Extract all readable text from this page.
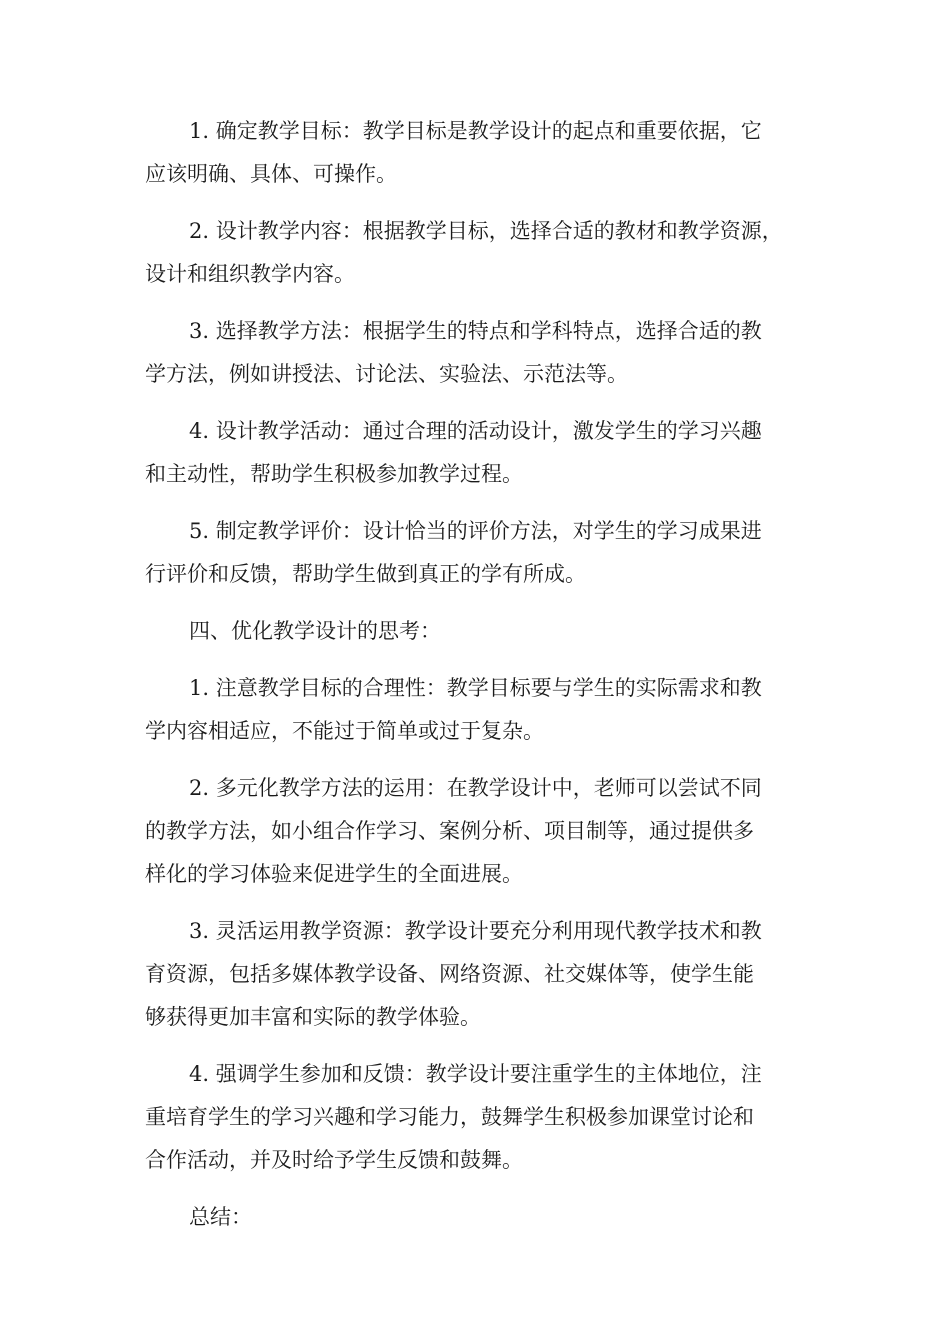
1. 确定教学目标：教学目标是教学设计的起点和重要依据，它
应该明确、具体、可操作。

2. 设计教学内容：根据教学目标，选择合适的教材和教学资源，
设计和组织教学内容。

3. 选择教学方法：根据学生的特点和学科特点，选择合适的教
学方法，例如讲授法、讨论法、实验法、示范法等。

4. 设计教学活动：通过合理的活动设计，激发学生的学习兴趣
和主动性，帮助学生积极参加教学过程。

5. 制定教学评价：设计恰当的评价方法，对学生的学习成果进
行评价和反馈，帮助学生做到真正的学有所成。

四、优化教学设计的思考：

1. 注意教学目标的合理性：教学目标要与学生的实际需求和教
学内容相适应，不能过于简单或过于复杂。

2. 多元化教学方法的运用：在教学设计中，老师可以尝试不同
的教学方法，如小组合作学习、案例分析、项目制等，通过提供多
样化的学习体验来促进学生的全面进展。

3. 灵活运用教学资源：教学设计要充分利用现代教学技术和教
育资源，包括多媒体教学设备、网络资源、社交媒体等，使学生能
够获得更加丰富和实际的教学体验。

4. 强调学生参加和反馈：教学设计要注重学生的主体地位，注
重培育学生的学习兴趣和学习能力，鼓舞学生积极参加课堂讨论和
合作活动，并及时给予学生反馈和鼓舞。

总结：
